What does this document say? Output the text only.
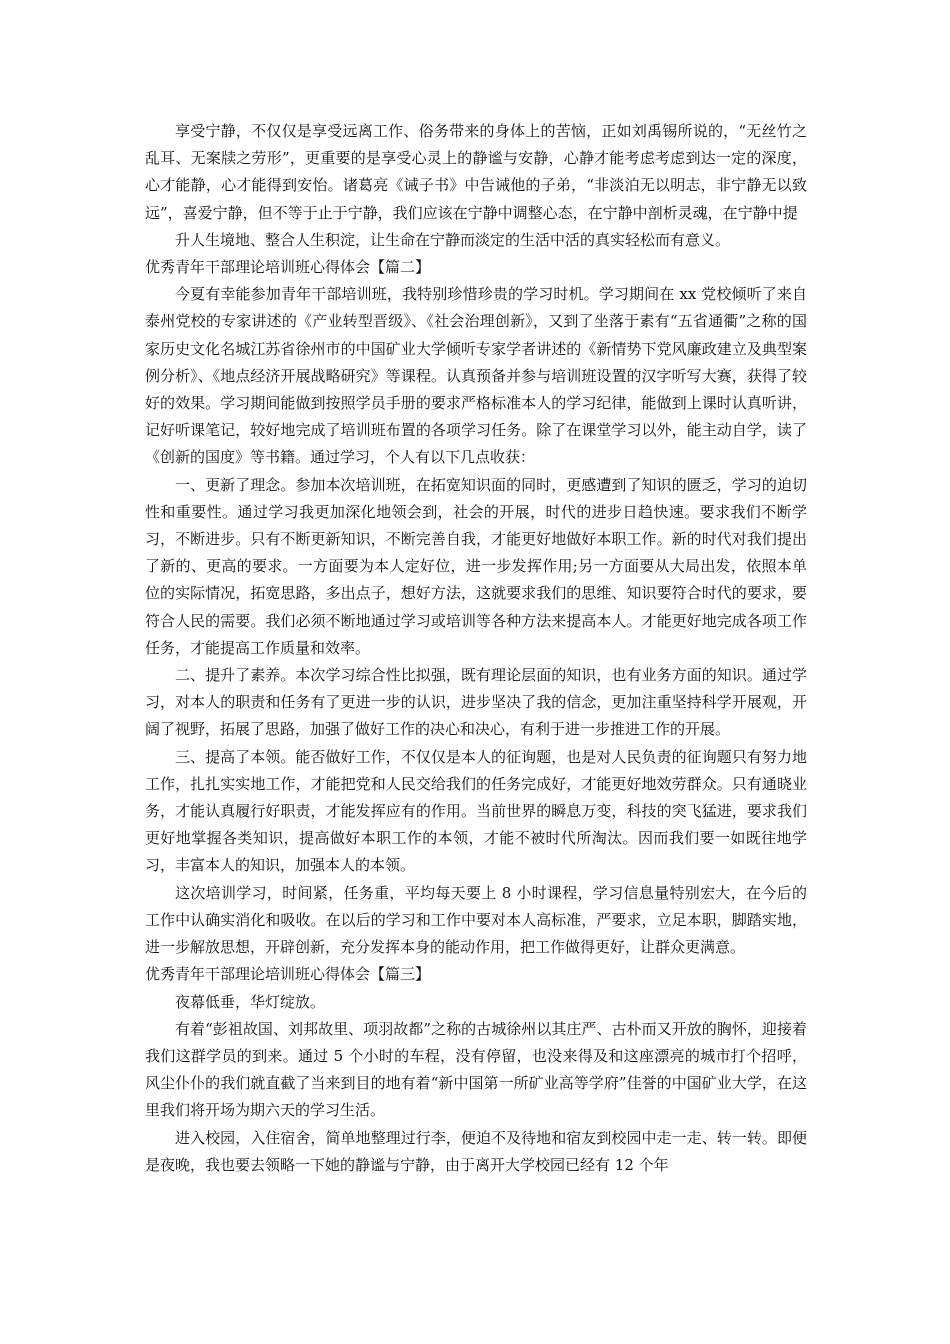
享受宁静，不仅仅是享受远离工作、俗务带来的身体上的苦恼，正如刘禹锡所说的，“无丝竹之乱耳、无案牍之劳形”，更重要的是享受心灵上的静谧与安静，心静才能考虑考虑到达一定的深度，心才能静，心才能得到安怡。诸葛亮《诫子书》中告诫他的子弟，“非淡泊无以明志，非宁静无以致远”，喜爱宁静，但不等于止于宁静，我们应该在宁静中调整心态，在宁静中剖析灵魂，在宁静中提

升人生境地、整合人生积淀，让生命在宁静而淡定的生活中活的真实轻松而有意义。

优秀青年干部理论培训班心得体会【篇二】

今夏有幸能参加青年干部培训班，我特别珍惜珍贵的学习时机。学习期间在 xx 党校倾听了来自泰州党校的专家讲述的《产业转型晋级》、《社会治理创新》，又到了坐落于素有“五省通衢”之称的国家历史文化名城江苏省徐州市的中国矿业大学倾听专家学者讲述的《新情势下党风廉政建立及典型案例分析》、《地点经济开展战略研究》等课程。认真预备并参与培训班设置的汉字听写大赛，获得了较好的效果。学习期间能做到按照学员手册的要求严格标准本人的学习纪律，能做到上课时认真听讲，记好听课笔记，较好地完成了培训班布置的各项学习任务。除了在课堂学习以外，能主动自学，读了《创新的国度》等书籍。通过学习，个人有以下几点收获：

一、更新了理念。参加本次培训班，在拓宽知识面的同时，更感遭到了知识的匮乏，学习的迫切性和重要性。通过学习我更加深化地领会到，社会的开展，时代的进步日趋快速。要求我们不断学习，不断进步。只有不断更新知识，不断完善自我，才能更好地做好本职工作。新的时代对我们提出了新的、更高的要求。一方面要为本人定好位，进一步发挥作用;另一方面要从大局出发，依照本单位的实际情况，拓宽思路，多出点子，想好方法，这就要求我们的思维、知识要符合时代的要求，要符合人民的需要。我们必须不断地通过学习或培训等各种方法来提高本人。才能更好地完成各项工作任务，才能提高工作质量和效率。

二、提升了素养。本次学习综合性比拟强，既有理论层面的知识，也有业务方面的知识。通过学习，对本人的职责和任务有了更进一步的认识，进步坚决了我的信念，更加注重坚持科学开展观，开阔了视野，拓展了思路，加强了做好工作的决心和决心，有利于进一步推进工作的开展。

三、提高了本领。能否做好工作，不仅仅是本人的征询题，也是对人民负责的征询题只有努力地工作，扎扎实实地工作，才能把党和人民交给我们的任务完成好，才能更好地效劳群众。只有通晓业务，才能认真履行好职责，才能发挥应有的作用。当前世界的瞬息万变，科技的突飞猛进，要求我们更好地掌握各类知识，提高做好本职工作的本领，才能不被时代所淘汰。因而我们要一如既往地学习，丰富本人的知识，加强本人的本领。

这次培训学习，时间紧，任务重，平均每天要上 8 小时课程，学习信息量特别宏大，在今后的工作中认确实消化和吸收。在以后的学习和工作中要对本人高标准，严要求，立足本职，脚踏实地，进一步解放思想，开辟创新，充分发挥本身的能动作用，把工作做得更好，让群众更满意。

优秀青年干部理论培训班心得体会【篇三】

夜幕低垂，华灯绽放。

有着“彭祖故国、刘邦故里、项羽故都”之称的古城徐州以其庄严、古朴而又开放的胸怀，迎接着我们这群学员的到来。通过 5 个小时的车程，没有停留，也没来得及和这座漂亮的城市打个招呼，风尘仆仆的我们就直截了当来到目的地有着“新中国第一所矿业高等学府”佳誉的中国矿业大学，在这里我们将开场为期六天的学习生活。

进入校园，入住宿舍，简单地整理过行李，便迫不及待地和宿友到校园中走一走、转一转。即便是夜晚，我也要去领略一下她的静谧与宁静，由于离开大学校园已经有 12 个年
